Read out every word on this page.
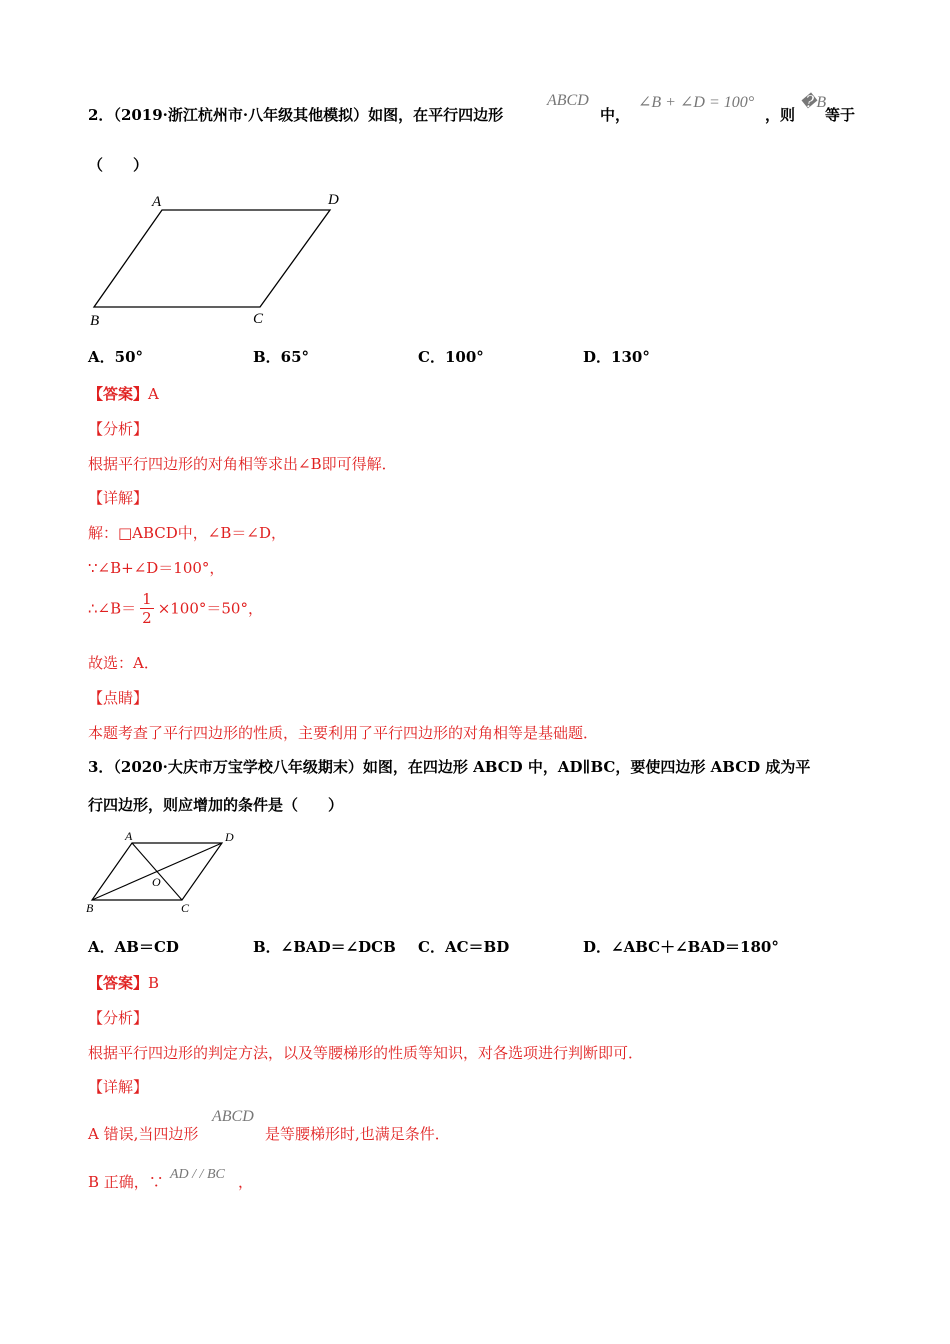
2．（2019·浙江杭州市·八年级其他模拟）如图，在平行四边形
ABCD
中，
∠B + ∠D = 100°
，则
�B
等于
（　　）
A	D
B	C
A．50°	B．65°	C．100°	D．130°
【答案】A
【分析】
根据平行四边形的对角相等求出∠B即可得解．
【详解】
解：□ABCD中，∠B＝∠D，
∵∠B+∠D＝100°，
∴∠B＝ $\frac{1}{2} \times 100^\circ=50^\circ$，
故选：A．
【点睛】
本题考查了平行四边形的性质，主要利用了平行四边形的对角相等是基础题．
3．（2020·大庆市万宝学校八年级期末）如图，在四边形 ABCD 中，AD∥BC，要使四边形 ABCD 成为平
行四边形，则应增加的条件是（　　）
A	D
B	C
O
A．AB＝CD	B．∠BAD＝∠DCB C．AC＝BD	D．∠ABC＋∠BAD＝180°
【答案】B
【分析】
根据平行四边形的判定方法，以及等腰梯形的性质等知识，对各选项进行判断即可．
【详解】
A 错误,当四边形
ABCD
是等腰梯形时,也满足条件．
B 正确，∵ AD / / BC ，
